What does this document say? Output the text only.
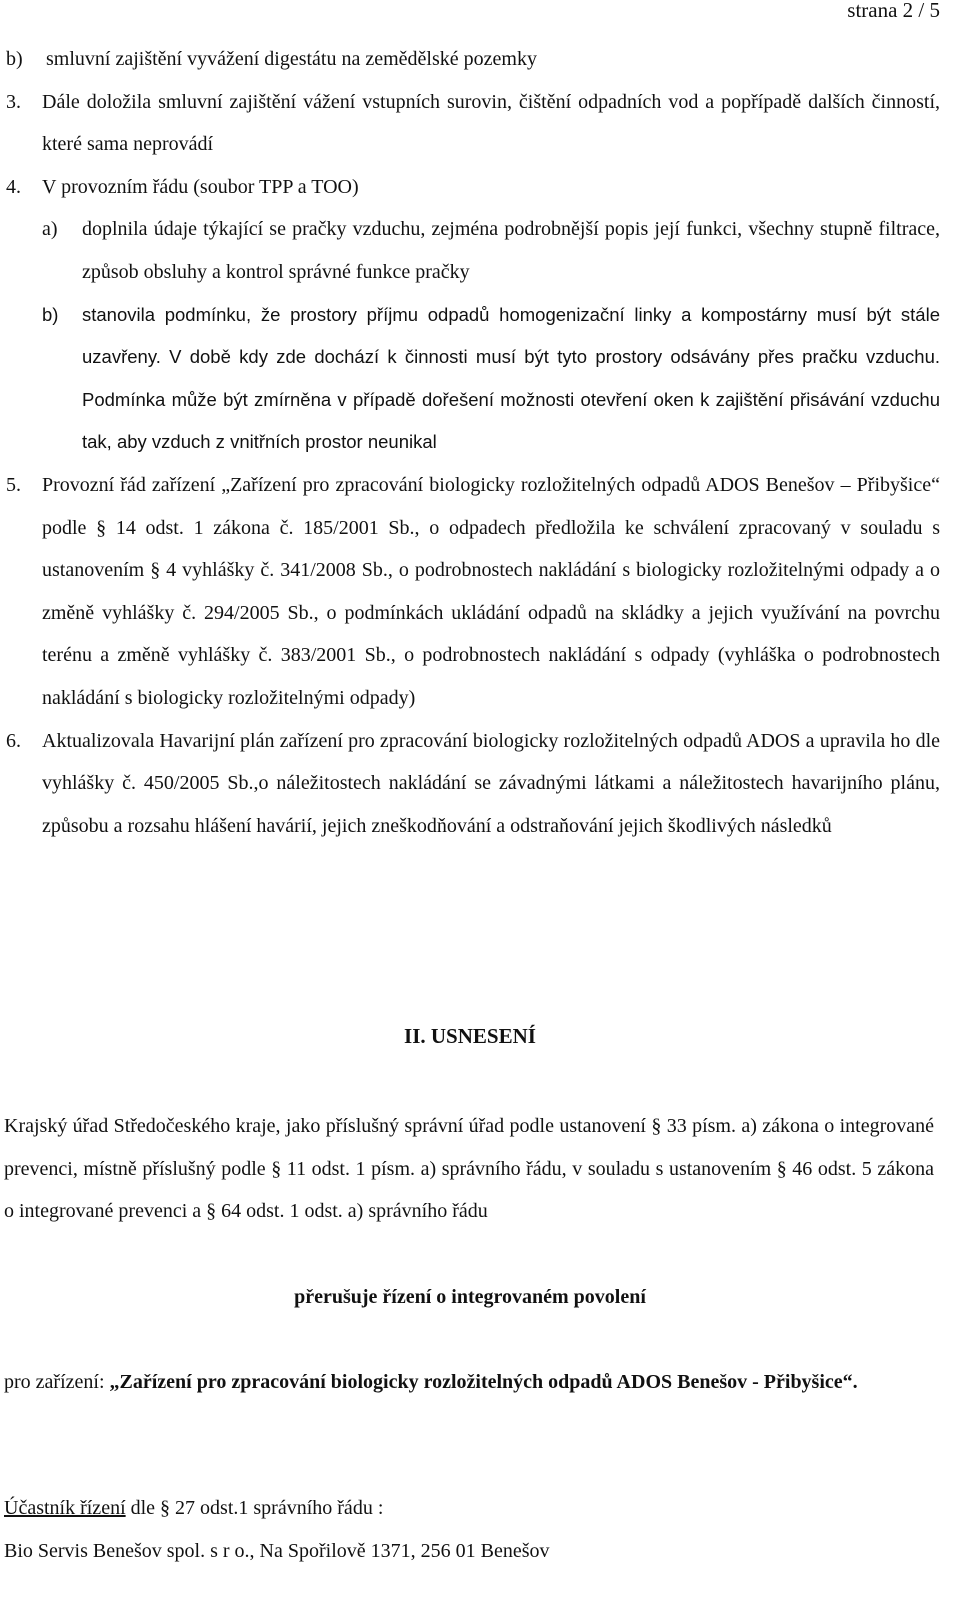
strana 2 / 5
b)	smluvní zajištění vyvážení digestátu na zemědělské pozemky
3.	Dále doložila smluvní zajištění vážení vstupních surovin, čištění odpadních vod a popřípadě dalších činností, které sama neprovádí
4.	V provozním řádu (soubor TPP a TOO)
a)	doplnila údaje týkající se pračky vzduchu, zejména podrobnější popis její funkci, všechny stupně filtrace, způsob obsluhy a kontrol správné funkce pračky
b)	stanovila podmínku, že prostory příjmu odpadů homogenizační linky a kompostárny musí být stále uzavřeny. V době kdy zde dochází k činnosti musí být tyto prostory odsávány přes pračku vzduchu. Podmínka může být zmírněna v případě dořešení možnosti otevření oken k zajištění přisávání vzduchu tak, aby vzduch z vnitřních prostor neunikal
5.	Provozní řád zařízení „Zařízení pro zpracování biologicky rozložitelných odpadů ADOS Benešov – Přibyšice“ podle § 14 odst. 1 zákona č. 185/2001 Sb., o odpadech předložila ke schválení zpracovaný v souladu s ustanovením § 4 vyhlášky č. 341/2008 Sb., o podrobnostech nakládání s biologicky rozložitelnými odpady a o změně vyhlášky č. 294/2005 Sb., o podmínkách ukládání odpadů na skládky a jejich využívání na povrchu terénu a změně vyhlášky č. 383/2001 Sb., o podrobnostech nakládání s odpady (vyhláška o podrobnostech nakládání s biologicky rozložitelnými odpady)
6.	Aktualizovala Havarijní plán zařízení pro zpracování biologicky rozložitelných odpadů ADOS a upravila ho dle vyhlášky č. 450/2005 Sb.,o náležitostech nakládání se závadnými látkami a náležitostech havarijního plánu, způsobu a rozsahu hlášení havárií, jejich zneškodňování a odstraňování jejich škodlivých následků
II. USNESENÍ
Krajský úřad Středočeského kraje, jako příslušný správní úřad podle ustanovení § 33 písm. a) zákona o integrované prevenci, místně příslušný podle § 11 odst. 1 písm. a) správního řádu, v souladu s ustanovením § 46 odst. 5 zákona o integrované prevenci a § 64 odst. 1 odst. a) správního řádu
přerušuje řízení o integrovaném povolení
pro zařízení: „Zařízení pro zpracování biologicky rozložitelných odpadů ADOS Benešov - Přibyšice“.
Účastník řízení dle § 27 odst.1 správního řádu :
Bio Servis Benešov spol. s r o., Na Spořilově 1371, 256 01 Benešov
